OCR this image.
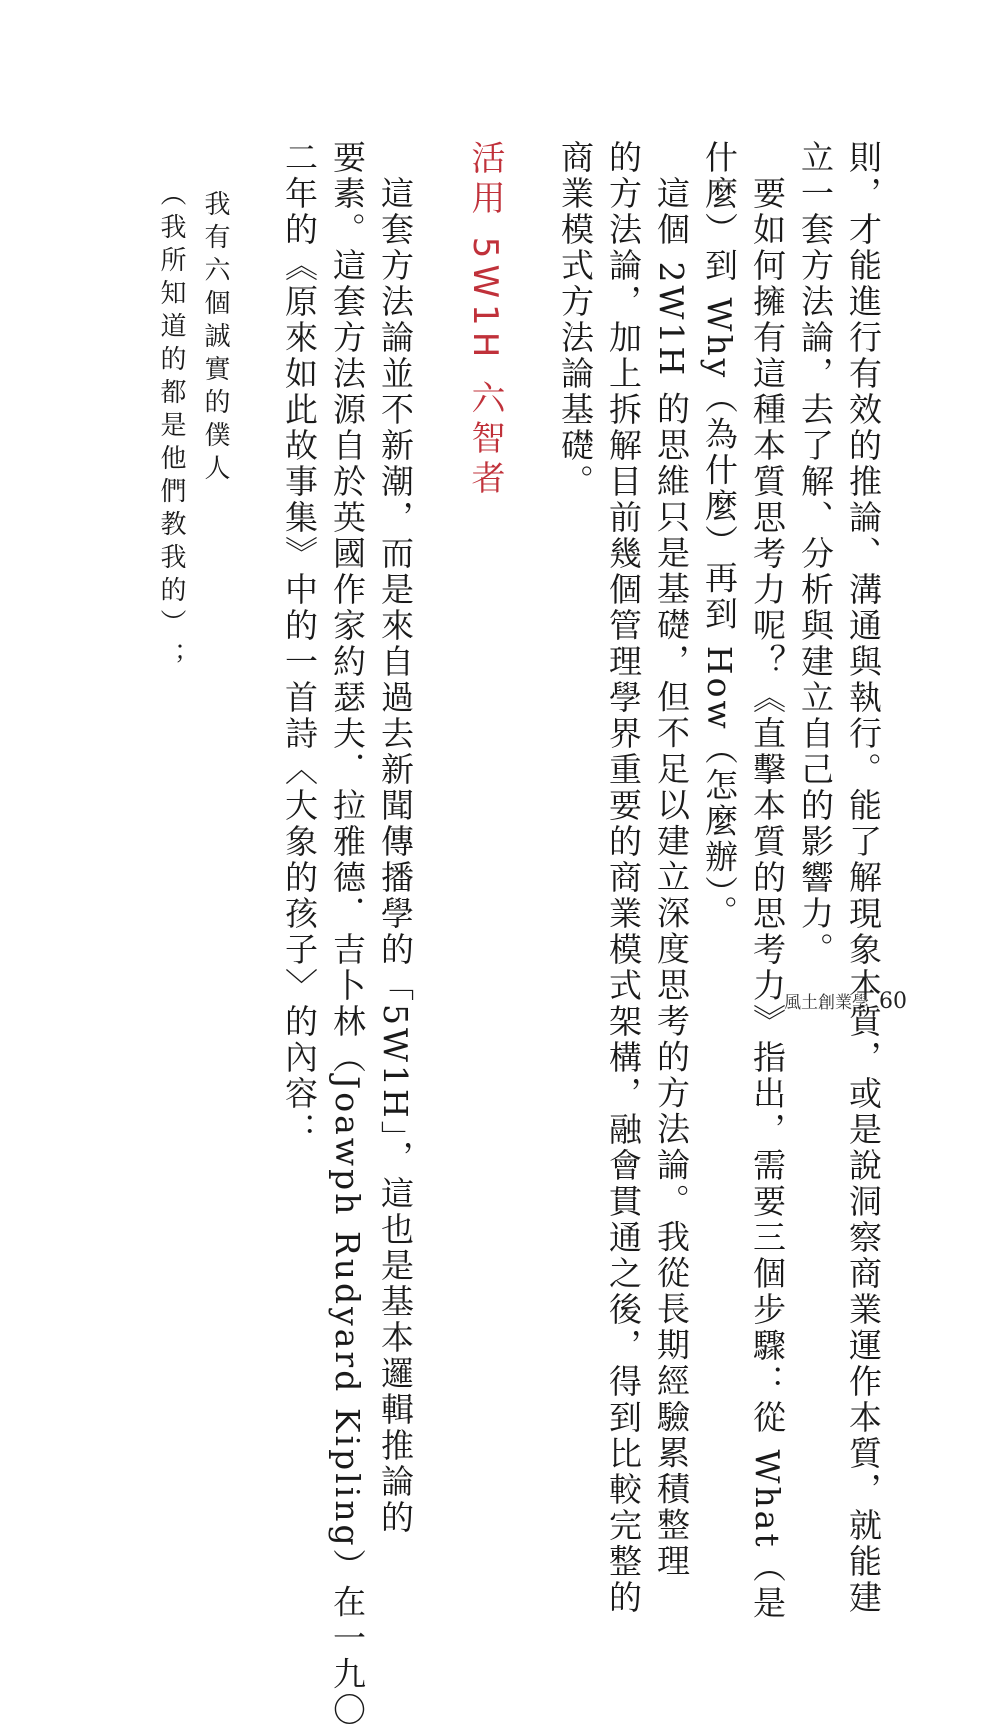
則，才能進行有效的推論、溝通與執行。能了解現象本質，或是說洞察商業運作本質，就能建
立一套方法論，去了解、分析與建立自己的影響力。
　要如何擁有這種本質思考力呢？《直擊本質的思考力》指出，需要三個步驟：從 What（是
什麼）到 Why（為什麼）再到 How（怎麼辦）。
　這個 2W1H 的思維只是基礎，但不足以建立深度思考的方法論。我從長期經驗累積整理
的方法論，加上拆解目前幾個管理學界重要的商業模式架構，融會貫通之後，得到比較完整的
商業模式方法論基礎。
活用 5W1H 六智者
　這套方法論並不新潮，而是來自過去新聞傳播學的「5W1H」，這也是基本邏輯推論的
要素。這套方法源自於英國作家約瑟夫．拉雅德．吉卜林（Joawph Rudyard Kipling）在一九〇
二年的《原來如此故事集》中的一首詩〈大象的孩子〉的內容：
我有六個誠實的僕人
（我所知道的都是他們教我的）；
風土創業學 60
